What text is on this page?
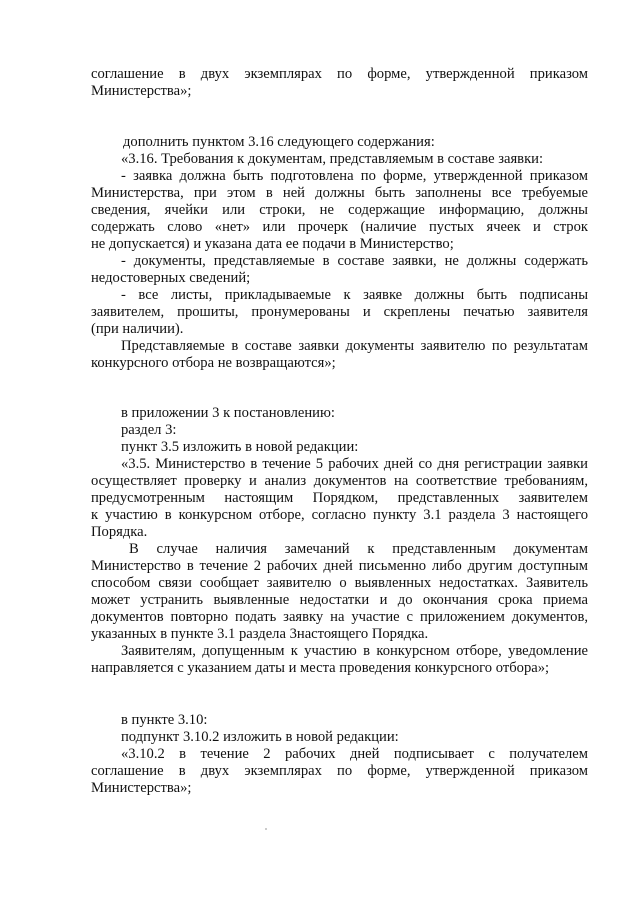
соглашение в двух экземплярах по форме, утвержденной приказом
Министерства»;
дополнить пунктом 3.16 следующего содержания:
«3.16. Требования к документам, представляемым в составе заявки:
- заявка должна быть подготовлена по форме, утвержденной приказом
Министерства, при этом в ней должны быть заполнены все требуемые
сведения, ячейки или строки, не содержащие информацию, должны
содержать слово «нет» или прочерк (наличие пустых ячеек и строк
не допускается) и указана дата ее подачи в Министерство;
- документы, представляемые в составе заявки, не должны содержать
недостоверных сведений;
- все листы, прикладываемые к заявке должны быть подписаны
заявителем, прошиты, пронумерованы и скреплены печатью заявителя
(при наличии).
Представляемые в составе заявки документы заявителю по результатам
конкурсного отбора не возвращаются»;
в приложении 3 к постановлению:
раздел 3:
пункт 3.5 изложить в новой редакции:
«3.5. Министерство в течение 5 рабочих дней со дня регистрации заявки
осуществляет проверку и анализ документов на соответствие требованиям,
предусмотренным настоящим Порядком, представленных заявителем
к участию в конкурсном отборе, согласно пункту 3.1 раздела 3 настоящего
Порядка.
В случае наличия замечаний к представленным документам
Министерство в течение 2 рабочих дней письменно либо другим доступным
способом связи сообщает заявителю о выявленных недостатках. Заявитель
может устранить выявленные недостатки и до окончания срока приема
документов повторно подать заявку на участие с приложением документов,
указанных в пункте 3.1 раздела 3настоящего Порядка.
Заявителям, допущенным к участию в конкурсном отборе, уведомление
направляется с указанием даты и места проведения конкурсного отбора»;
в пункте 3.10:
подпункт 3.10.2 изложить в новой редакции:
«3.10.2 в течение 2 рабочих дней подписывает с получателем
соглашение в двух экземплярах по форме, утвержденной приказом
Министерства»;
